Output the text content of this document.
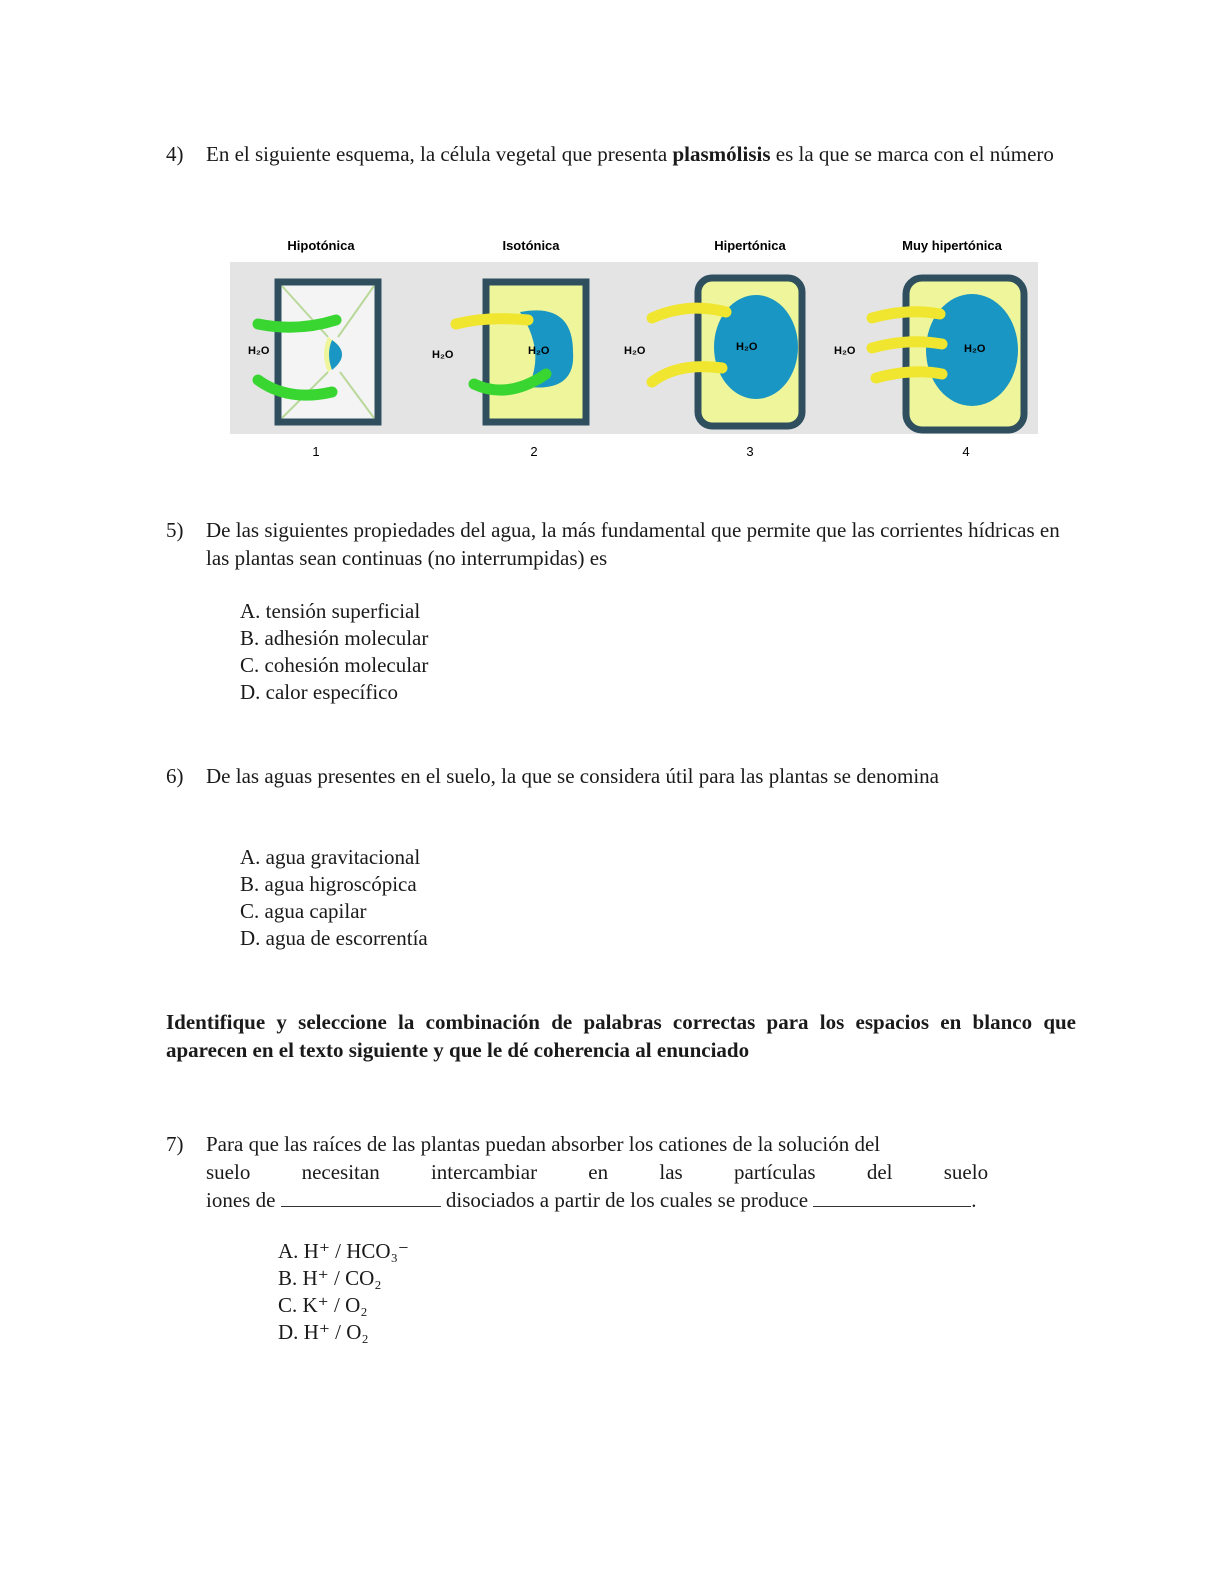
4) En el siguiente esquema, la célula vegetal que presenta plasmólisis es la que se marca con el número
Hipotónica	Isotónica	Hipertónica	Muy hipertónica
H₂O	H₂O	H₂O	H₂O	H₂O	H₂O	H₂O
1	2	3	4
5) De las siguientes propiedades del agua, la más fundamental que permite que las corrientes hídricas en las plantas sean continuas (no interrumpidas) es
A. tensión superficial
B. adhesión molecular
C. cohesión molecular
D. calor específico
6) De las aguas presentes en el suelo, la que se considera útil para las plantas se denomina
A. agua gravitacional
B. agua higroscópica
C. agua capilar
D. agua de escorrentía
Identifique y seleccione la combinación de palabras correctas para los espacios en blanco que aparecen en el texto siguiente y que le dé coherencia al enunciado
7) Para que las raíces de las plantas puedan absorber los cationes de la solución del
suelo necesitan intercambiar en las partículas del suelo
iones de	disociados a partir de los cuales se produce	.
A. H⁺ / HCO₃⁻
B. H⁺ / CO₂
C. K⁺ / O₂
D. H⁺ / O₂
